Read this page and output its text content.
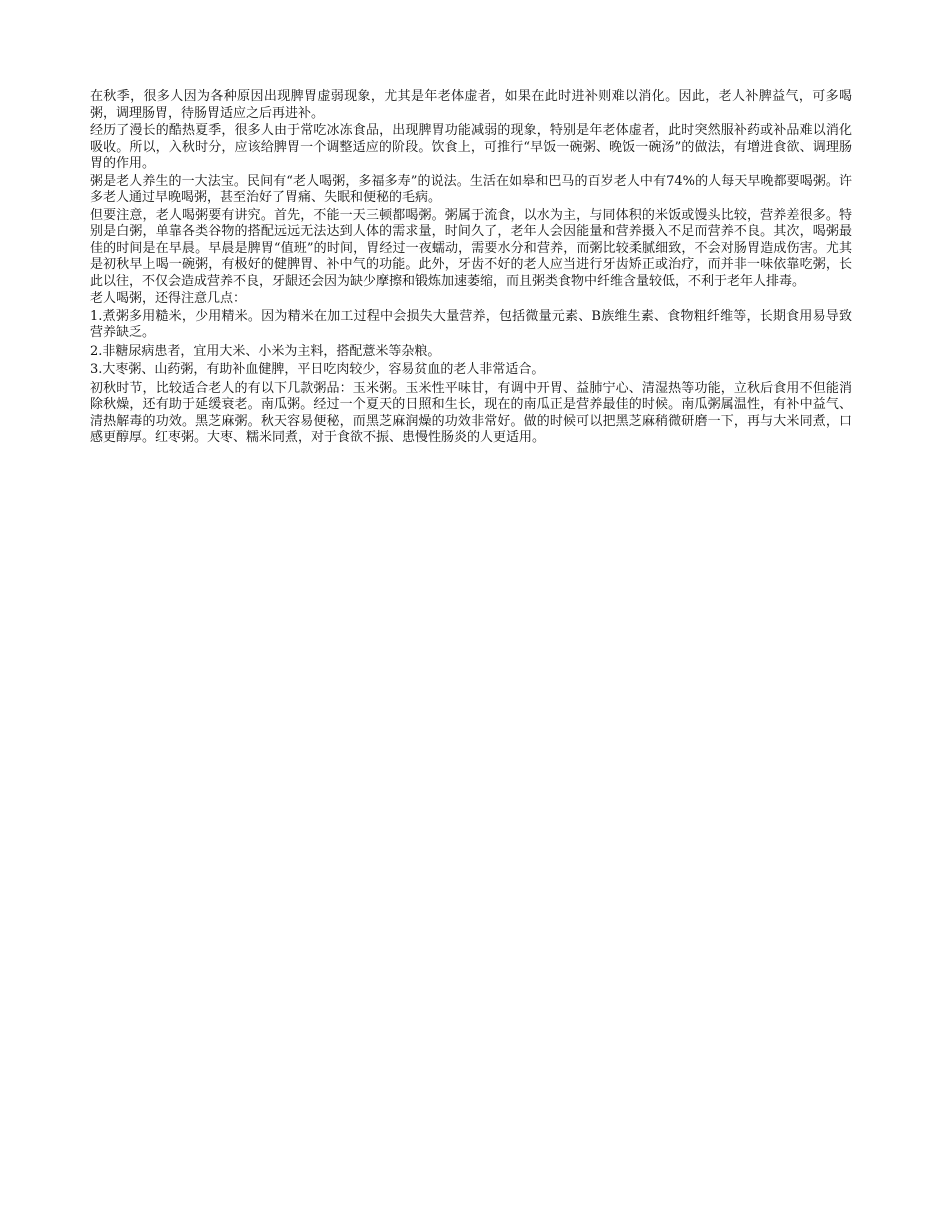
在秋季，很多人因为各种原因出现脾胃虚弱现象，尤其是年老体虚者，如果在此时进补则难以消化。因此，老人补脾益气，可多喝粥，调理肠胃，待肠胃适应之后再进补。

经历了漫长的酷热夏季，很多人由于常吃冰冻食品，出现脾胃功能减弱的现象，特别是年老体虚者，此时突然服补药或补品难以消化吸收。所以，入秋时分，应该给脾胃一个调整适应的阶段。饮食上，可推行“早饭一碗粥、晚饭一碗汤”的做法，有增进食欲、调理肠胃的作用。

粥是老人养生的一大法宝。民间有“老人喝粥，多福多寿”的说法。生活在如皋和巴马的百岁老人中有74%的人每天早晚都要喝粥。许多老人通过早晚喝粥，甚至治好了胃痛、失眠和便秘的毛病。

但要注意，老人喝粥要有讲究。首先，不能一天三顿都喝粥。粥属于流食，以水为主，与同体积的米饭或馒头比较，营养差很多。特别是白粥，单靠各类谷物的搭配远远无法达到人体的需求量，时间久了，老年人会因能量和营养摄入不足而营养不良。其次，喝粥最佳的时间是在早晨。早晨是脾胃“值班”的时间，胃经过一夜蠕动，需要水分和营养，而粥比较柔腻细致，不会对肠胃造成伤害。尤其是初秋早上喝一碗粥，有极好的健脾胃、补中气的功能。此外，牙齿不好的老人应当进行牙齿矫正或治疗，而并非一味依靠吃粥，长此以往，不仅会造成营养不良，牙龈还会因为缺少摩擦和锻炼加速萎缩，而且粥类食物中纤维含量较低，不利于老年人排毒。

老人喝粥，还得注意几点：

1.煮粥多用糙米，少用精米。因为精米在加工过程中会损失大量营养，包括微量元素、B族维生素、食物粗纤维等，长期食用易导致营养缺乏。

2.非糖尿病患者，宜用大米、小米为主料，搭配薏米等杂粮。

3.大枣粥、山药粥，有助补血健脾，平日吃肉较少，容易贫血的老人非常适合。

初秋时节，比较适合老人的有以下几款粥品：玉米粥。玉米性平味甘，有调中开胃、益肺宁心、清湿热等功能，立秋后食用不但能消除秋燥，还有助于延缓衰老。南瓜粥。经过一个夏天的日照和生长，现在的南瓜正是营养最佳的时候。南瓜粥属温性，有补中益气、清热解毒的功效。黑芝麻粥。秋天容易便秘，而黑芝麻润燥的功效非常好。做的时候可以把黑芝麻稍微研磨一下，再与大米同煮，口感更醇厚。红枣粥。大枣、糯米同煮，对于食欲不振、患慢性肠炎的人更适用。
